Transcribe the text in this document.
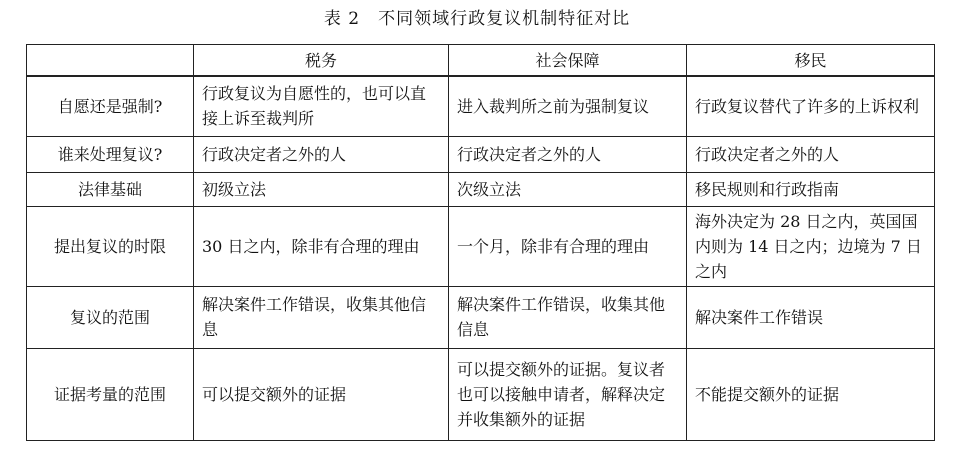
表 2 不同领域行政复议机制特征对比
	税务	社会保障	移民
自愿还是强制?	行政复议为自愿性的，也可以直接上诉至裁判所	进入裁判所之前为强制复议	行政复议替代了许多的上诉权利
谁来处理复议?	行政决定者之外的人	行政决定者之外的人	行政决定者之外的人
法律基础	初级立法	次级立法	移民规则和行政指南
提出复议的时限	30 日之内，除非有合理的理由	一个月，除非有合理的理由	海外决定为 28 日之内，英国国内则为 14 日之内；边境为 7 日之内
复议的范围	解决案件工作错误，收集其他信息	解决案件工作错误，收集其他信息	解决案件工作错误
证据考量的范围	可以提交额外的证据	可以提交额外的证据。复议者也可以接触申请者，解释决定并收集额外的证据	不能提交额外的证据
